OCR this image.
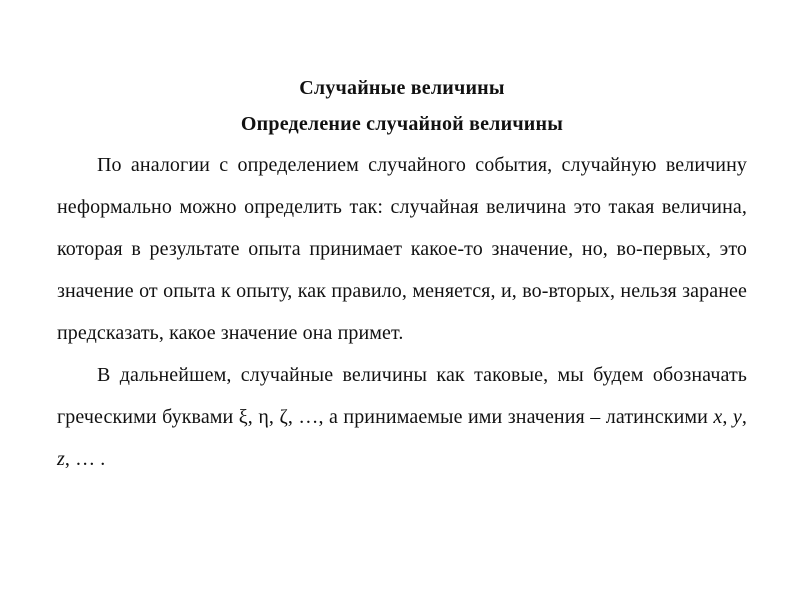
Случайные величины
Определение случайной величины

По аналогии с определением случайного события, случайную величину неформально можно определить так: случайная величина это такая величина, которая в результате опыта принимает какое-то значение, но, во-первых, это значение от опыта к опыту, как правило, меняется, и, во-вторых, нельзя заранее предсказать, какое значение она примет.

В дальнейшем, случайные величины как таковые, мы будем обозначать греческими буквами ξ, η, ζ, …, а принимаемые ими значения – латинскими x, y, z, … .
